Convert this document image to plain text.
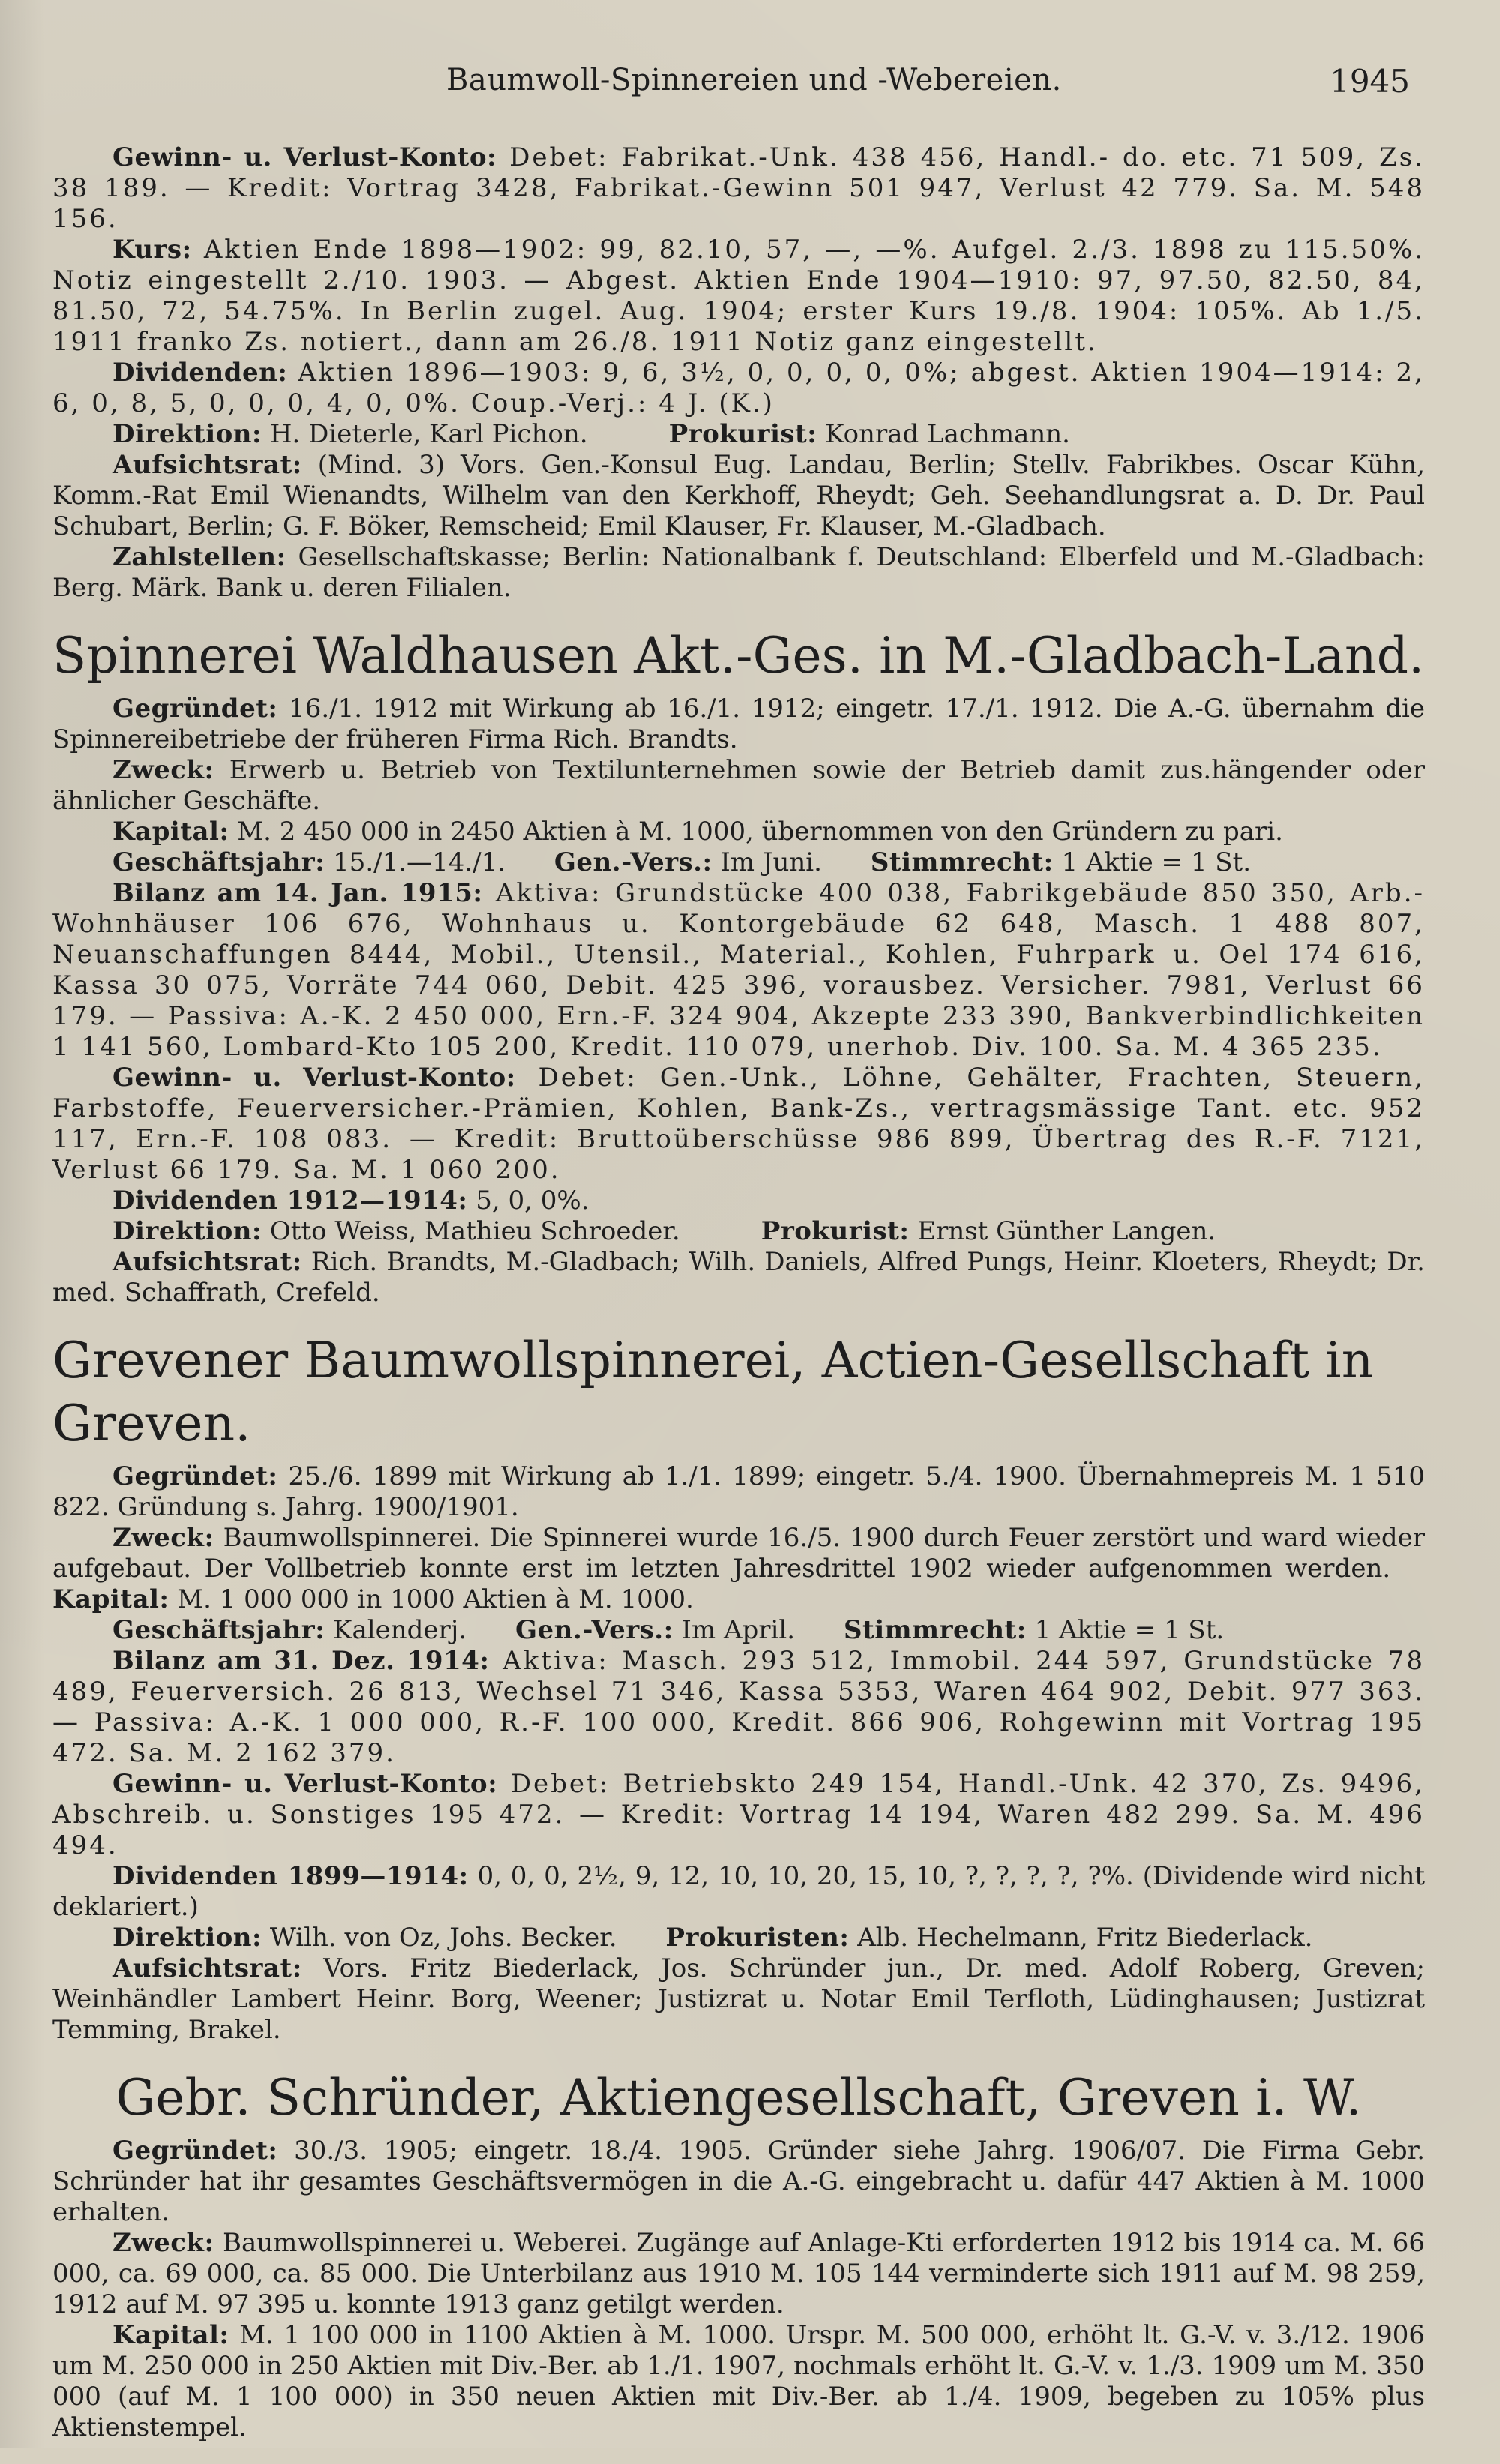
Baumwoll-Spinnereien und -Webereien.	1945

Gewinn- u. Verlust-Konto: Debet: Fabrikat.-Unk. 438 456, Handl.- do. etc. 71 509, Zs. 38 189. — Kredit: Vortrag 3428, Fabrikat.-Gewinn 501 947, Verlust 42 779. Sa. M. 548 156.

Kurs: Aktien Ende 1898—1902: 99, 82.10, 57, —, —%. Aufgel. 2./3. 1898 zu 115.50%. Notiz eingestellt 2./10. 1903. — Abgest. Aktien Ende 1904—1910: 97, 97.50, 82.50, 84, 81.50, 72, 54.75%. In Berlin zugel. Aug. 1904; erster Kurs 19./8. 1904: 105%. Ab 1./5. 1911 franko Zs. notiert., dann am 26./8. 1911 Notiz ganz eingestellt.

Dividenden: Aktien 1896—1903: 9, 6, 3½, 0, 0, 0, 0, 0%; abgest. Aktien 1904—1914: 2, 6, 0, 8, 5, 0, 0, 0, 4, 0, 0%. Coup.-Verj.: 4 J. (K.)

Direktion: H. Dieterle, Karl Pichon.	Prokurist: Konrad Lachmann.

Aufsichtsrat: (Mind. 3) Vors. Gen.-Konsul Eug. Landau, Berlin; Stellv. Fabrikbes. Oscar Kühn, Komm.-Rat Emil Wienandts, Wilhelm van den Kerkhoff, Rheydt; Geh. Seehandlungsrat a. D. Dr. Paul Schubart, Berlin; G. F. Böker, Remscheid; Emil Klauser, Fr. Klauser, M.-Gladbach.

Zahlstellen: Gesellschaftskasse; Berlin: Nationalbank f. Deutschland: Elberfeld und M.-Gladbach: Berg. Märk. Bank u. deren Filialen.

Spinnerei Waldhausen Akt.-Ges. in M.-Gladbach-Land.

Gegründet: 16./1. 1912 mit Wirkung ab 16./1. 1912; eingetr. 17./1. 1912. Die A.-G. übernahm die Spinnereibetriebe der früheren Firma Rich. Brandts.

Zweck: Erwerb u. Betrieb von Textilunternehmen sowie der Betrieb damit zus.hängender oder ähnlicher Geschäfte.

Kapital: M. 2 450 000 in 2450 Aktien à M. 1000, übernommen von den Gründern zu pari.

Geschäftsjahr: 15./1.—14./1. Gen.-Vers.: Im Juni. Stimmrecht: 1 Aktie = 1 St.

Bilanz am 14. Jan. 1915: Aktiva: Grundstücke 400 038, Fabrikgebäude 850 350, Arb.-Wohnhäuser 106 676, Wohnhaus u. Kontorgebäude 62 648, Masch. 1 488 807, Neuanschaffungen 8444, Mobil., Utensil., Material., Kohlen, Fuhrpark u. Oel 174 616, Kassa 30 075, Vorräte 744 060, Debit. 425 396, vorausbez. Versicher. 7981, Verlust 66 179. — Passiva: A.-K. 2 450 000, Ern.-F. 324 904, Akzepte 233 390, Bankverbindlichkeiten 1 141 560, Lombard-Kto 105 200, Kredit. 110 079, unerhob. Div. 100. Sa. M. 4 365 235.

Gewinn- u. Verlust-Konto: Debet: Gen.-Unk., Löhne, Gehälter, Frachten, Steuern, Farbstoffe, Feuerversicher.-Prämien, Kohlen, Bank-Zs., vertragsmässige Tant. etc. 952 117, Ern.-F. 108 083. — Kredit: Bruttoüberschüsse 986 899, Übertrag des R.-F. 7121, Verlust 66 179. Sa. M. 1 060 200.

Dividenden 1912—1914: 5, 0, 0%.

Direktion: Otto Weiss, Mathieu Schroeder.	Prokurist: Ernst Günther Langen.

Aufsichtsrat: Rich. Brandts, M.-Gladbach; Wilh. Daniels, Alfred Pungs, Heinr. Kloeters, Rheydt; Dr. med. Schaffrath, Crefeld.

Grevener Baumwollspinnerei, Actien-Gesellschaft in Greven.

Gegründet: 25./6. 1899 mit Wirkung ab 1./1. 1899; eingetr. 5./4. 1900. Übernahmepreis M. 1 510 822. Gründung s. Jahrg. 1900/1901.

Zweck: Baumwollspinnerei. Die Spinnerei wurde 16./5. 1900 durch Feuer zerstört und ward wieder aufgebaut. Der Vollbetrieb konnte erst im letzten Jahresdrittel 1902 wieder aufgenommen werden.    Kapital: M. 1 000 000 in 1000 Aktien à M. 1000.

Geschäftsjahr: Kalenderj. Gen.-Vers.: Im April. Stimmrecht: 1 Aktie = 1 St.

Bilanz am 31. Dez. 1914: Aktiva: Masch. 293 512, Immobil. 244 597, Grundstücke 78 489, Feuerversich. 26 813, Wechsel 71 346, Kassa 5353, Waren 464 902, Debit. 977 363. — Passiva: A.-K. 1 000 000, R.-F. 100 000, Kredit. 866 906, Rohgewinn mit Vortrag 195 472. Sa. M. 2 162 379.

Gewinn- u. Verlust-Konto: Debet: Betriebskto 249 154, Handl.-Unk. 42 370, Zs. 9496, Abschreib. u. Sonstiges 195 472. — Kredit: Vortrag 14 194, Waren 482 299. Sa. M. 496 494.

Dividenden 1899—1914: 0, 0, 0, 2½, 9, 12, 10, 10, 20, 15, 10, ?, ?, ?, ?, ?%. (Dividende wird nicht deklariert.)

Direktion: Wilh. von Oz, Johs. Becker. Prokuristen: Alb. Hechelmann, Fritz Biederlack.

Aufsichtsrat: Vors. Fritz Biederlack, Jos. Schründer jun., Dr. med. Adolf Roberg, Greven; Weinhändler Lambert Heinr. Borg, Weener; Justizrat u. Notar Emil Terfloth, Lüdinghausen; Justizrat Temming, Brakel.

Gebr. Schründer, Aktiengesellschaft, Greven i. W.

Gegründet: 30./3. 1905; eingetr. 18./4. 1905. Gründer siehe Jahrg. 1906/07. Die Firma Gebr. Schründer hat ihr gesamtes Geschäftsvermögen in die A.-G. eingebracht u. dafür 447 Aktien à M. 1000 erhalten.

Zweck: Baumwollspinnerei u. Weberei. Zugänge auf Anlage-Kti erforderten 1912 bis 1914 ca. M. 66 000, ca. 69 000, ca. 85 000. Die Unterbilanz aus 1910 M. 105 144 verminderte sich 1911 auf M. 98 259, 1912 auf M. 97 395 u. konnte 1913 ganz getilgt werden.

Kapital: M. 1 100 000 in 1100 Aktien à M. 1000. Urspr. M. 500 000, erhöht lt. G.-V. v. 3./12. 1906 um M. 250 000 in 250 Aktien mit Div.-Ber. ab 1./1. 1907, nochmals erhöht lt. G.-V. v. 1./3. 1909 um M. 350 000 (auf M. 1 100 000) in 350 neuen Aktien mit Div.-Ber. ab 1./4. 1909, begeben zu 105% plus Aktienstempel.
